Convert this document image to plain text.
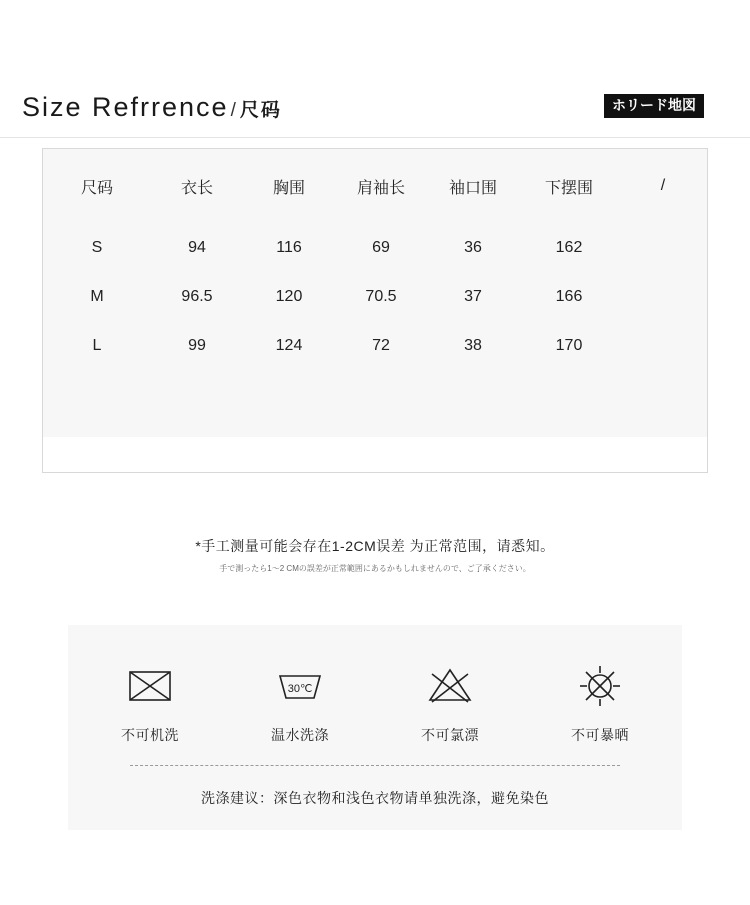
Size Refrrence / 尺码	ホリード地図
尺码	衣长	胸围	肩袖长	袖口围	下摆围	/
S	94	116	69	36	162	
M	96.5	120	70.5	37	166	
L	99	124	72	38	170	
*手工测量可能会存在1-2CM误差 为正常范围，请悉知。
手で測ったら1～2 CMの誤差が正常範囲にあるかもしれませんので、ご了承ください。
不可机洗
30℃
温水洗涤	不可氯漂	不可暴晒
洗涤建议：深色衣物和浅色衣物请单独洗涤，避免染色
